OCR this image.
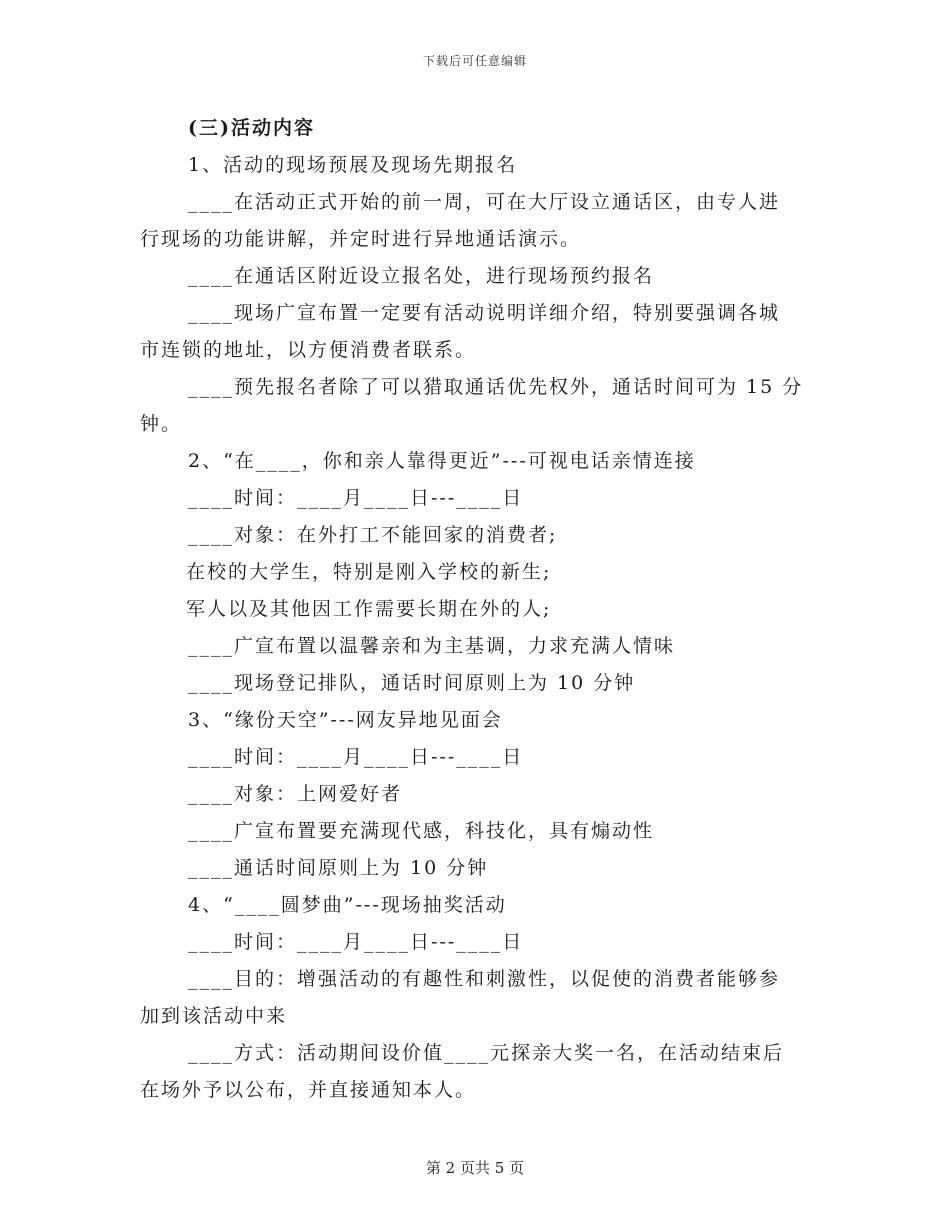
下载后可任意编辑
(三)活动内容
1、活动的现场预展及现场先期报名
____在活动正式开始的前一周，可在大厅设立通话区，由专人进
行现场的功能讲解，并定时进行异地通话演示。
____在通话区附近设立报名处，进行现场预约报名
____现场广宣布置一定要有活动说明详细介绍，特别要强调各城
市连锁的地址，以方便消费者联系。
____预先报名者除了可以猎取通话优先权外，通话时间可为 15 分
钟。
2、“在____，你和亲人靠得更近”---可视电话亲情连接
____时间：____月____日---____日
____对象：在外打工不能回家的消费者;
在校的大学生，特别是刚入学校的新生;
军人以及其他因工作需要长期在外的人;
____广宣布置以温馨亲和为主基调，力求充满人情味
____现场登记排队，通话时间原则上为 10 分钟
3、“缘份天空”---网友异地见面会
____时间：____月____日---____日
____对象：上网爱好者
____广宣布置要充满现代感，科技化，具有煽动性
____通话时间原则上为 10 分钟
4、“____圆梦曲”---现场抽奖活动
____时间：____月____日---____日
____目的：增强活动的有趣性和刺激性，以促使的消费者能够参
加到该活动中来
____方式：活动期间设价值____元探亲大奖一名，在活动结束后
在场外予以公布，并直接通知本人。
第 2 页共 5 页
